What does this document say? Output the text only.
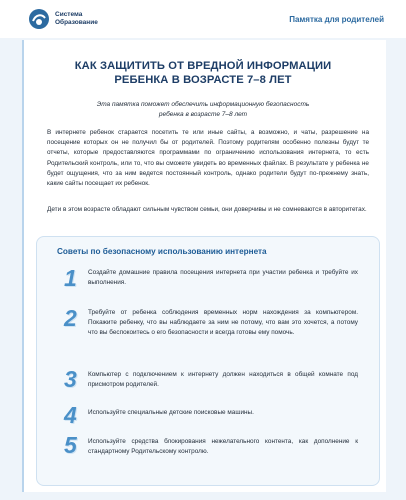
Система
Образование	Памятка для родителей
КАК ЗАЩИТИТЬ ОТ ВРЕДНОЙ ИНФОРМАЦИИ
РЕБЕНКА В ВОЗРАСТЕ 7–8 ЛЕТ
Эта памятка поможет обеспечить информационную безопасность
ребенка в возрасте 7–8 лет
В интернете ребенок старается посетить те или иные сайты, а возможно, и чаты, разрешение на посещение которых он не получил бы от родителей. Поэтому родителям особенно полезны будут те отчеты, которые предоставляются программами по ограничению использования интернета, то есть Родительский контроль, или то, что вы сможете увидеть во временных файлах. В результате у ребенка не будет ощущения, что за ним ведется постоянный контроль, однако родители будут по-прежнему знать, какие сайты посещает их ребенок.
Дети в этом возрасте обладают сильным чувством семьи, они доверчивы и не сомневаются в авторитетах.
Советы по безопасному использованию интернета
1	Создайте домашние правила посещения интернета при участии ребенка и требуйте их выполнения.
2	Требуйте от ребенка соблюдения временных норм нахождения за компьютером. Покажите ребенку, что вы наблюдаете за ним не потому, что вам это хочется, а потому что вы беспокоитесь о его безопасности и всегда готовы ему помочь.
3	Компьютер с подключением к интернету должен находиться в общей комнате под присмотром родителей.
4	Используйте специальные детские поисковые машины.
5	Используйте средства блокирования нежелательного контента, как дополнение к стандартному Родительскому контролю.
